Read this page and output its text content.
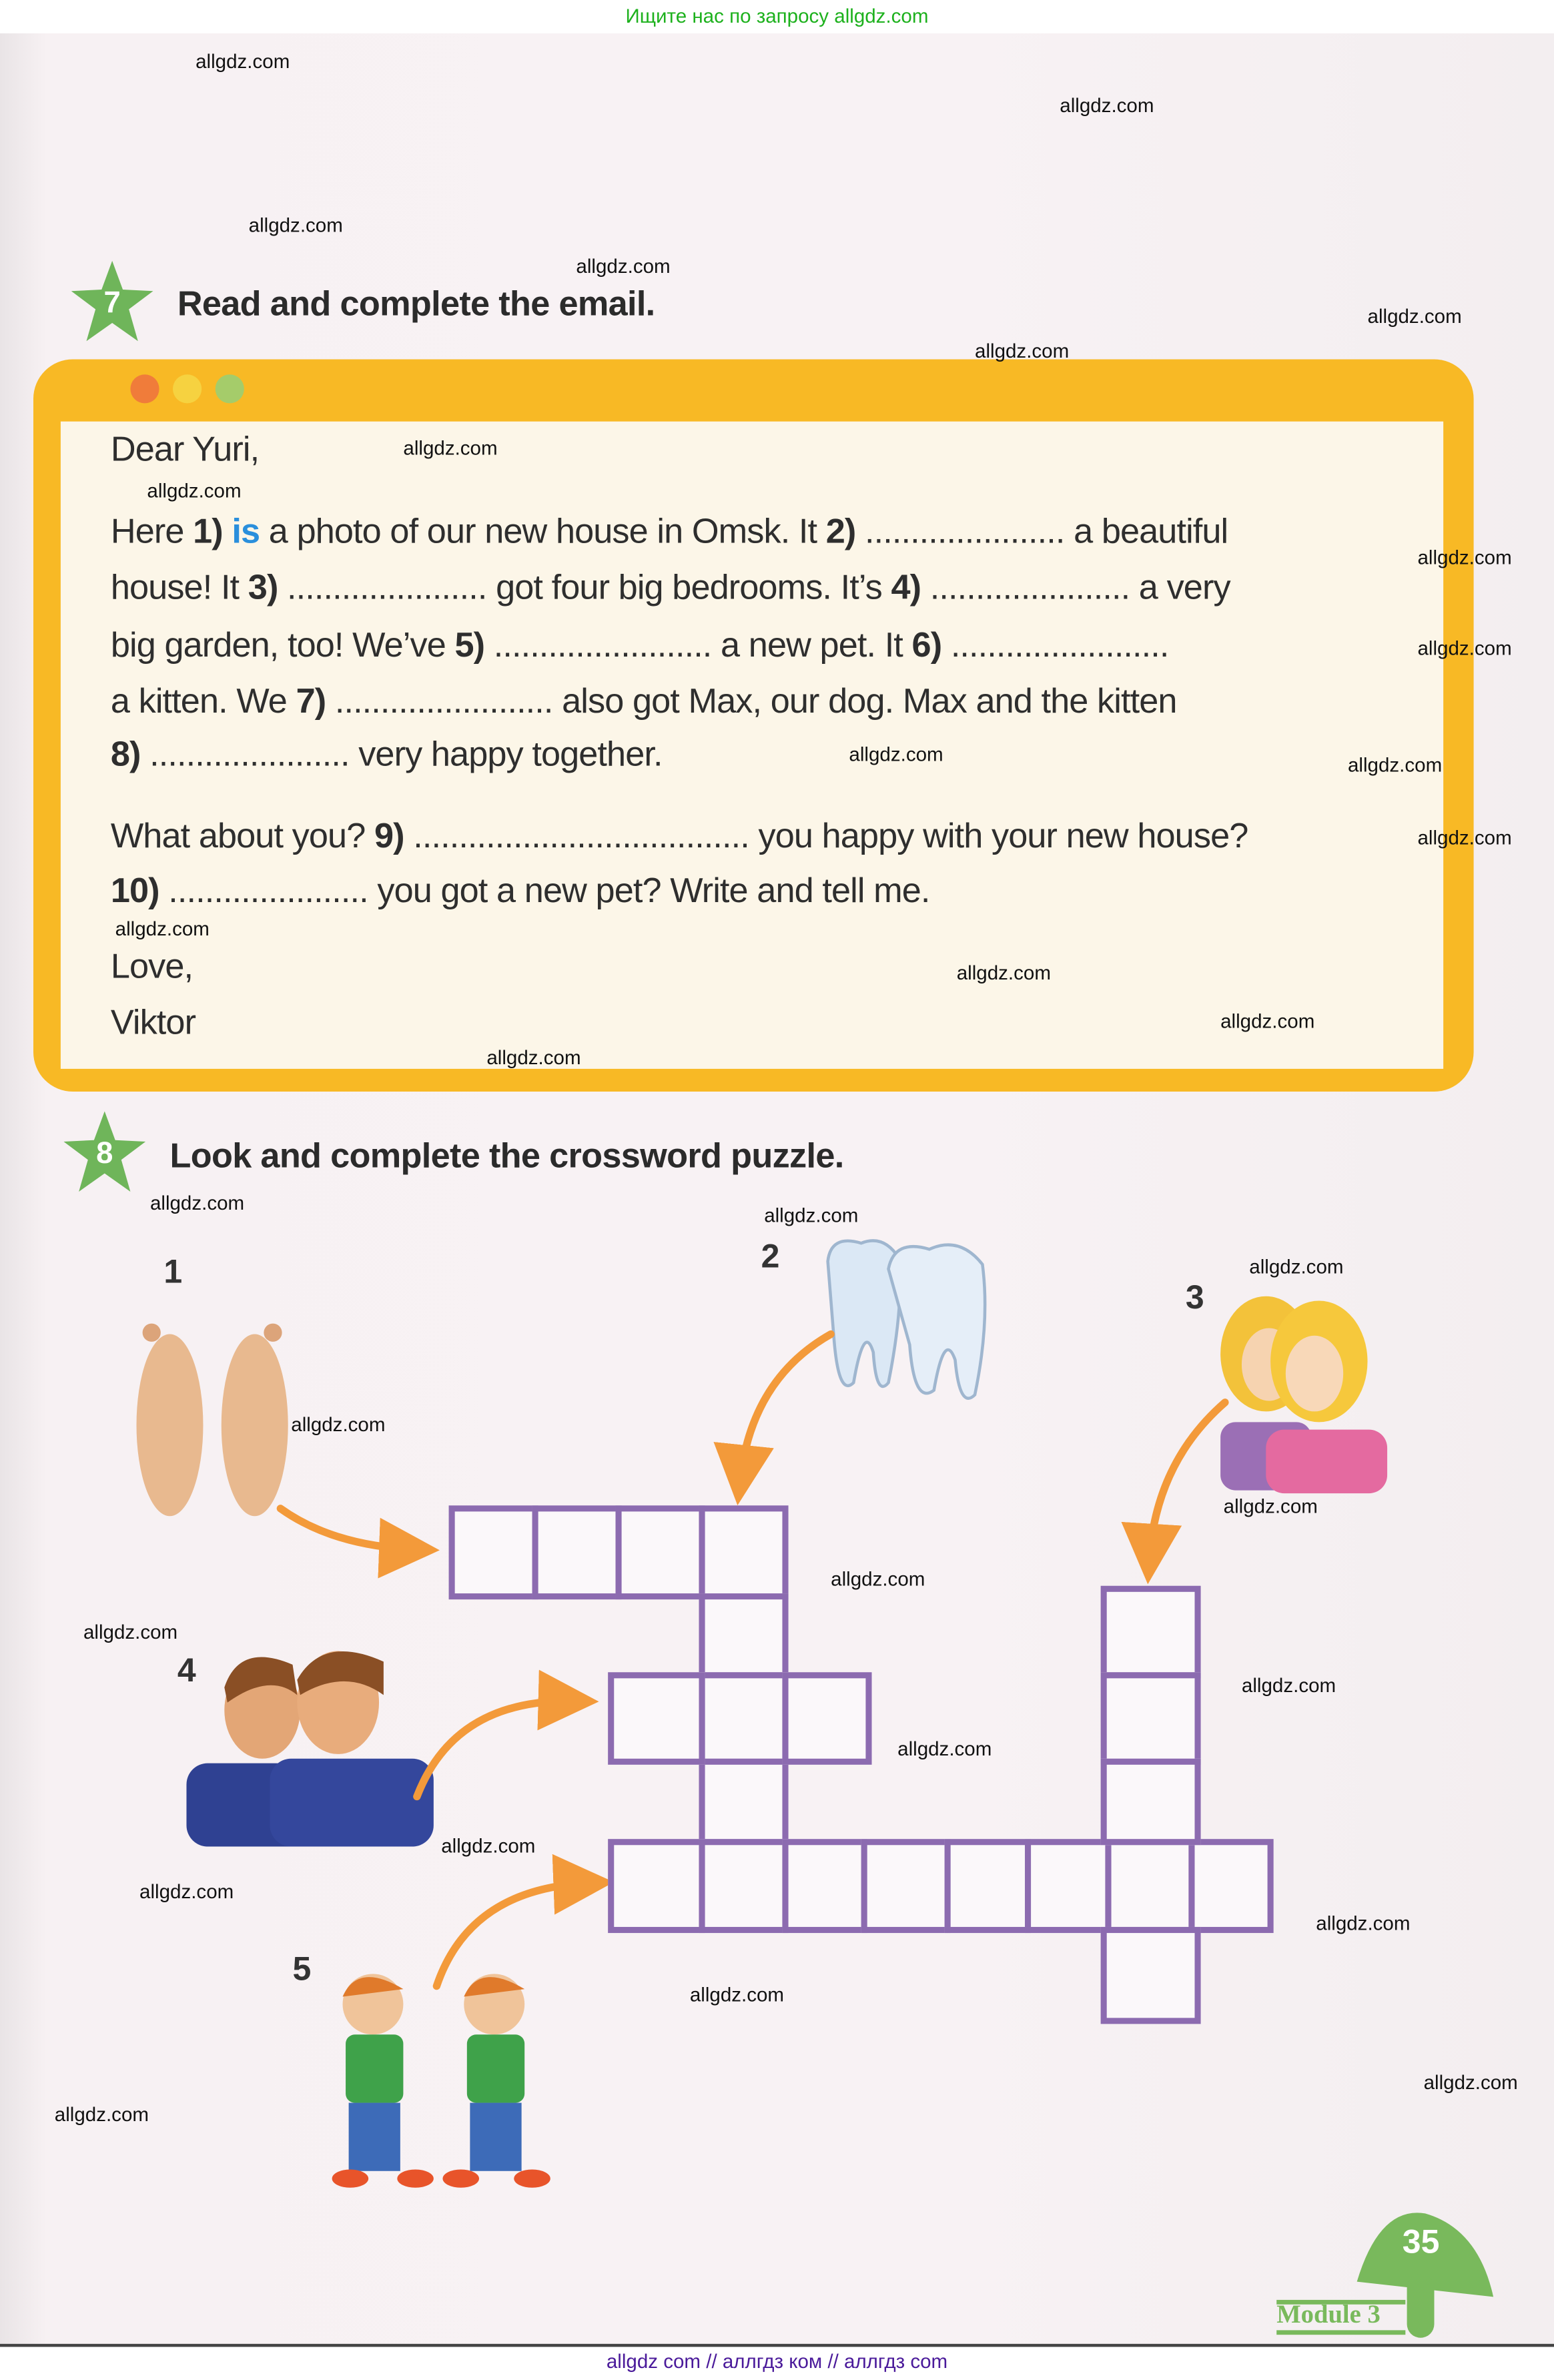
Ищите нас по запросу allgdz.com
7	Read and complete the email.
Dear Yuri,
Here 1) is a photo of our new house in Omsk. It 2) ...................... a beautiful
house! It 3) ...................... got four big bedrooms. It’s 4) ...................... a very
big garden, too! We’ve 5) ........................ a new pet. It 6) ........................
a kitten. We 7) ........................ also got Max, our dog. Max and the kitten
8) ...................... very happy together.
What about you? 9) ..................................... you happy with your new house?
10) ...................... you got a new pet? Write and tell me.
Love,
Viktor
8	Look and complete the crossword puzzle.
1	2
3
4
5
35
Module 3
allgdz.com
allgdz.com
allgdz.com
allgdz.com
allgdz.com
allgdz.com
allgdz.com
allgdz.com
allgdz.com
allgdz.com
allgdz.com	allgdz.com
allgdz.com
allgdz.com
allgdz.com
allgdz.com
allgdz.com
allgdz.com
allgdz.com
allgdz.com
allgdz.com
allgdz.com
allgdz.com
allgdz.com
allgdz.com
allgdz.com
allgdz.com
allgdz.com
allgdz.com
allgdz.com
allgdz.com
allgdz.com
allgdz com // аллгдз ком // аллгдз com
